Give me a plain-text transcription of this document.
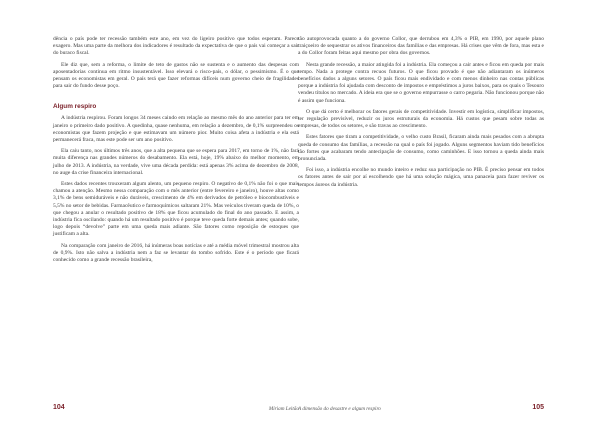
dência o país pode ter recessão também este ano, em vez do ligeiro positivo que todos esperam. Parece exagero. Mas uma parte da melhora dos indicadores é resultado da expectativa de que o país vai começar a sair do buraco fiscal.

Ele diz que, sem a reforma, o limite de teto de gastos não se sustenta e o aumento das despesas com aposentadorias continua em ritmo insustentável. Isso elevará o risco-país, o dólar, o pessimismo. É o que pensam os economistas em geral. O país terá que fazer reformas difíceis num governo cheio de fragilidades para sair do fundo desse poço.

Algum respiro

A indústria respirou. Foram longos 34 meses caindo em relação ao mesmo mês do ano anterior para ter em janeiro o primeiro dado positivo. A quedinha, quase nenhuma, em relação a dezembro, de 0,1% surpreendeu os economistas que fazem projeção e que estimavam um número pior. Muito coisa afeta a indústria e ela está permanecerá fraca, mas este pode ser um ano positivo.

Ela caiu tanto, nos últimos três anos, que a alta pequena que se espera para 2017, em torno de 1%, não fará muita diferença nas grandes números do desabamento. Ela está, hoje, 19% abaixo do melhor momento, em julho de 2013. A indústria, na verdade, vive uma década perdida: está apenas 3% acima de dezembro de 2008, no auge da crise financeira internacional.

Estes dados recentes trouxeram algum alento, um pequeno respiro. O negativo de 0,1% não foi o que mais chamou a atenção. Mesmo nessa comparação com o mês anterior (entre fevereiro e janeiro), houve altas como 3,1% de bens semiduráveis e não duráveis, crescimento de 4% em derivados de petróleo e biocombustíveis e 5,5% no setor de bebidas. Farmacêutico e farmoquímicos saltaram 21%. Mas veículos tiveram queda de 10%, o que chegou a anular o resultado positivo de 18% que ficou acumulado do final do ano passado. E assim, a indústria fica oscilando: quando há um resultado positivo é porque teve queda forte demais antes; quando sobe, logo depois “devolve” parte em uma queda mais adiante. São fatores como reposição de estoques que justificam a alta.

Na comparação com janeiro de 2016, há inúmeras boas notícias e até a média móvel trimestral mostrou alta de 0,9%. Isto não salva a indústria nem a faz se levantar do tombo sofrido. Este é o período que ficará conhecido como a grande recessão brasileira,

tão autoprovocada quanto a do governo Collor, que derrubou em 4,3% o PIB, em 1990, por aquele plano traiçoeiro de sequestrar os ativos financeiros das famílias e das empresas. Há crises que vêm de fora, mas esta e a do Collor foram feitas aqui mesmo por obra dos governos.

Nesta grande recessão, a maior atingida foi a indústria. Ela começou a cair antes e ficou em queda por mais tempo. Nada a protege contra recuos futuros. O que ficou provado é que não adiantaram os inúmeros benefícios dados a alguns setores. O país ficou mais endividado e com menos dinheiro nas contas públicas porque a indústria foi ajudada com desconto de impostos e empréstimos a juros baixos, para os quais o Tesouro vendeu títulos no mercado. A ideia era que se o governo empurrasse o carro pegaria. Não funcionou porque não é assim que funciona.

O que dá certo é melhorar os fatores gerais de competitividade. Investir em logística, simplificar impostos, ter regulação previsível, reduzir os juros estruturais da economia. Há custos que pesam sobre todas as empresas, de todos os setores, e são travas ao crescimento.

Estes fatores que tiram a competitividade, o velho custo Brasil, ficaram ainda mais pesados com a abrupta queda de consumo das famílias, a recessão na qual o país foi jogado. Alguns segmentos haviam tido benefícios tão fortes que acabaram tendo antecipação de consumo, como caminhões. E isso tornou a queda ainda mais pronunciada.

Foi isso, a indústria encolhe no mundo inteiro e reduz sua participação no PIB. É preciso pensar em todos os fatores antes de sair por aí escolhendo que há uma solução mágica, uma panaceia para fazer reviver os tempos áureos da indústria.

104	Míriam Leitão A dimensão do desastre e algum respiro	105
